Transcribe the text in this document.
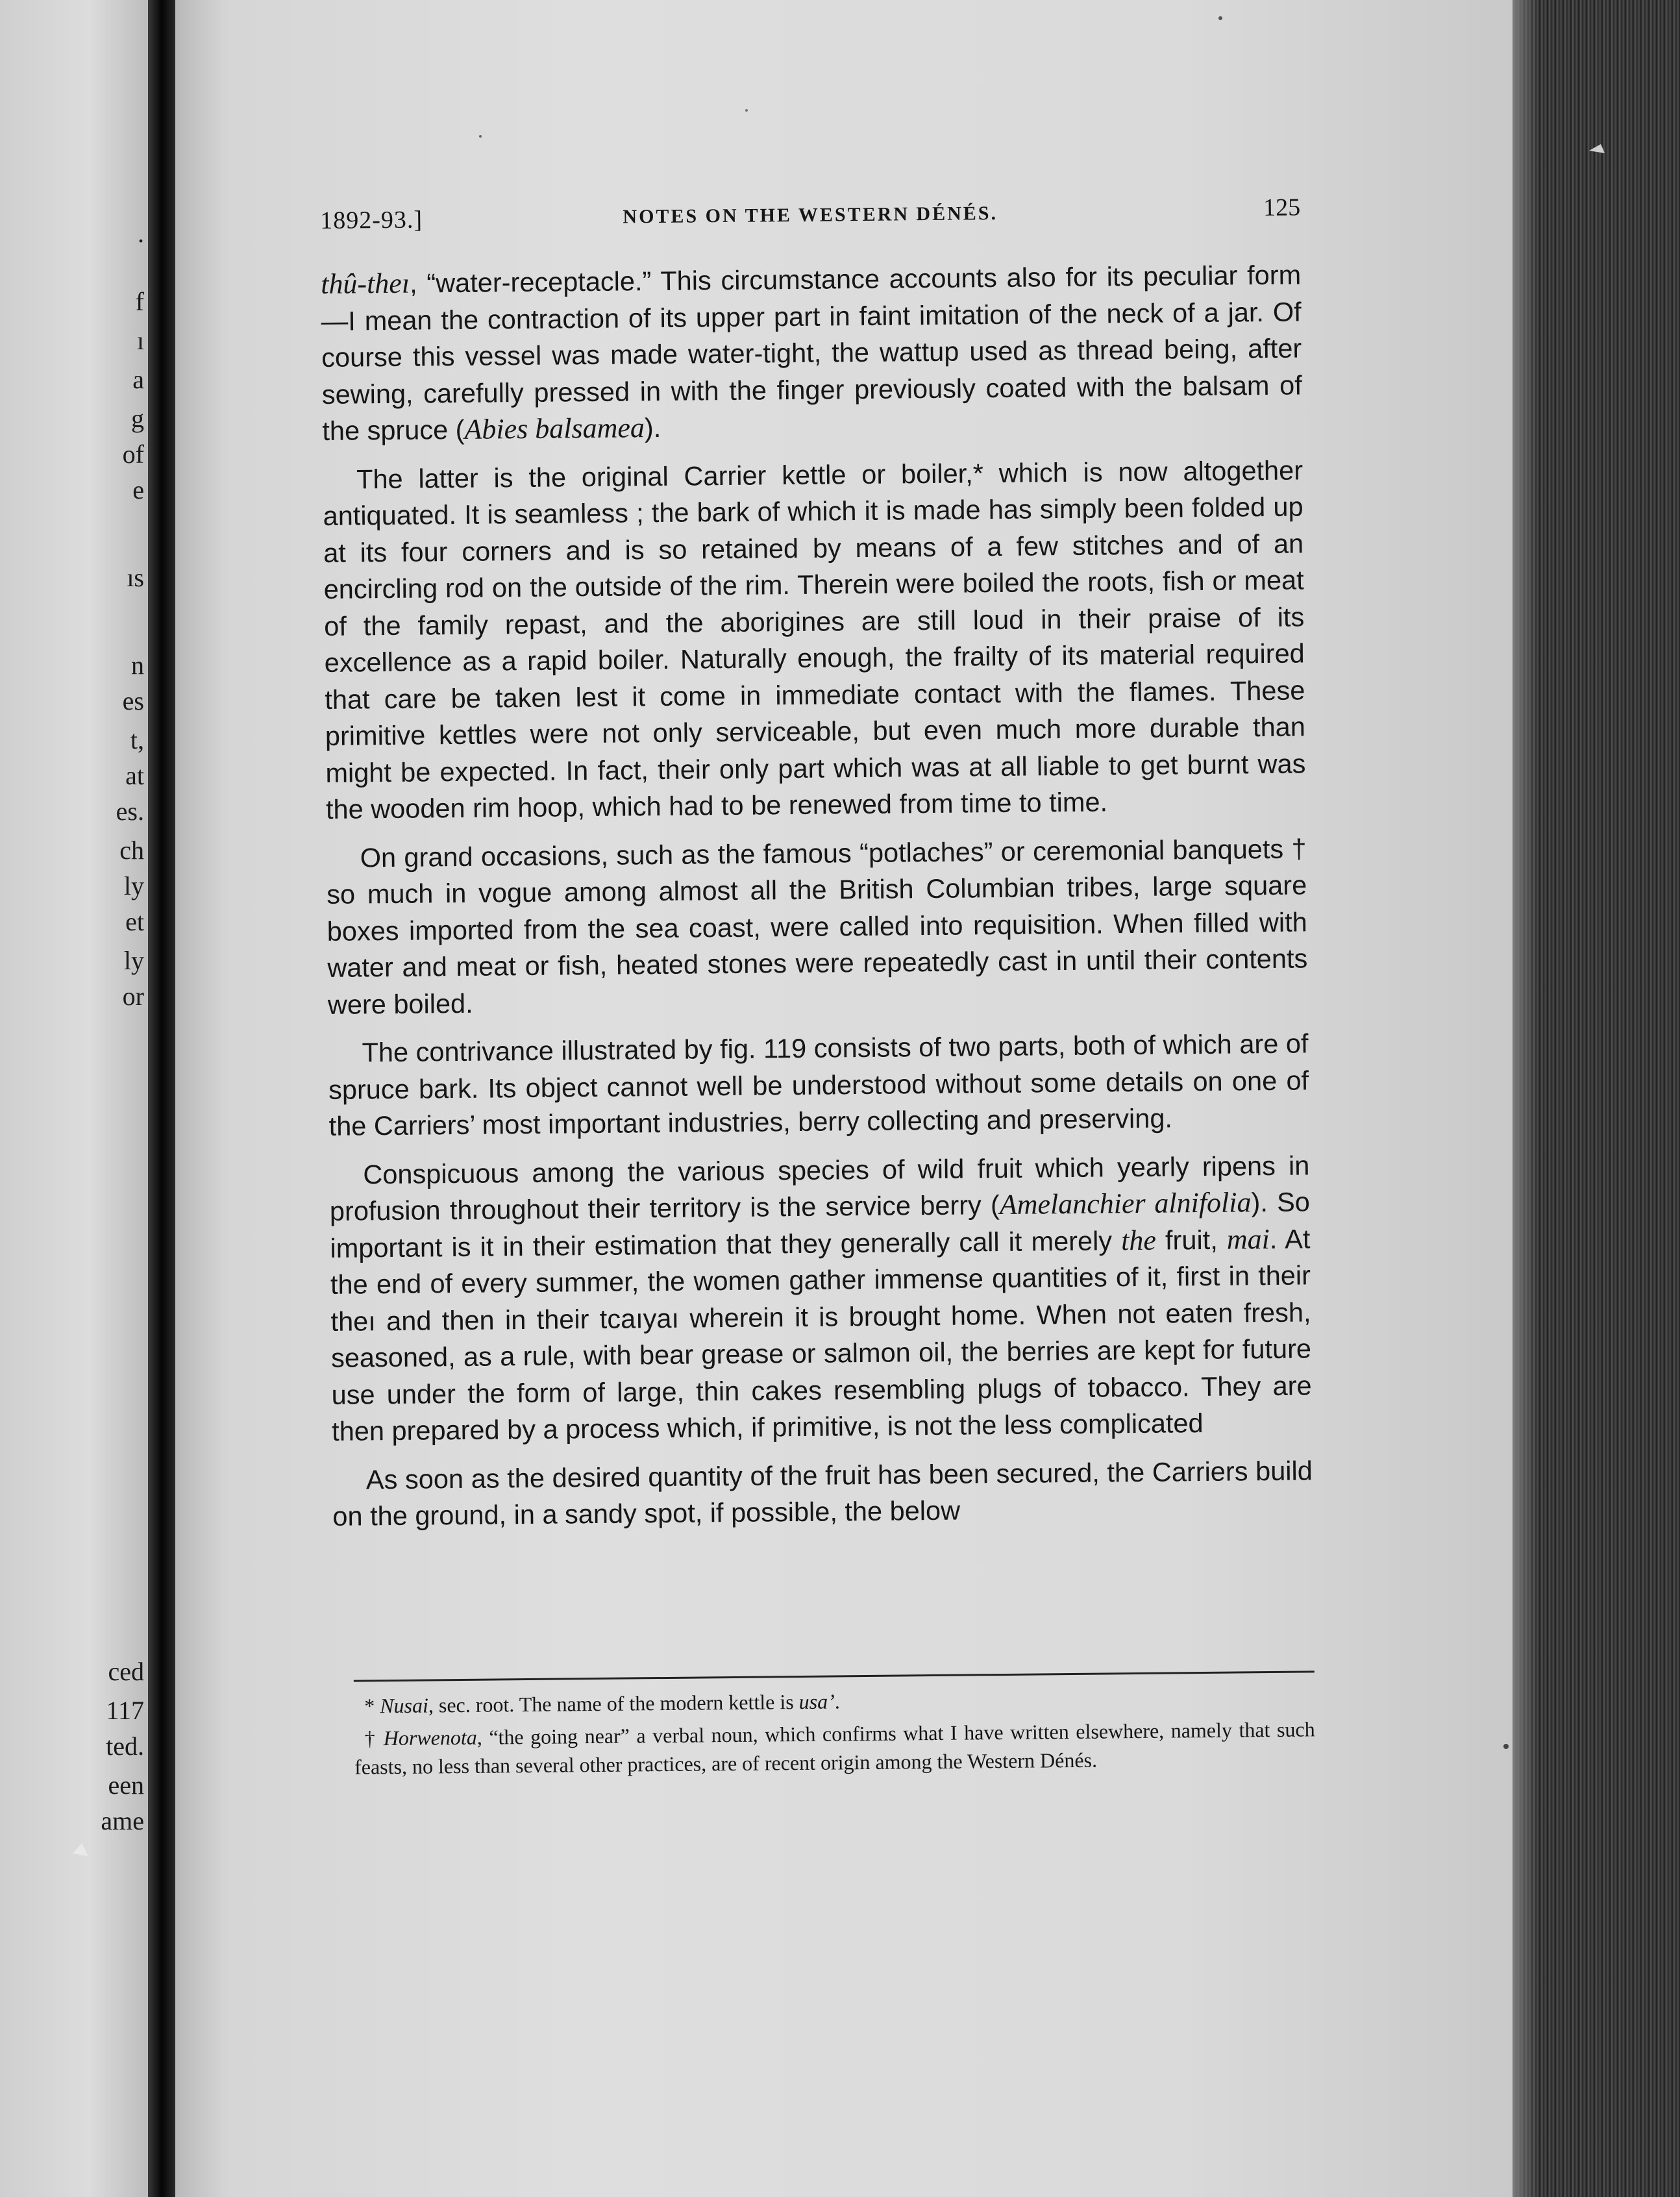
.
f
ı
a
g
of
e
ıs
n
es
t,
at
es.
ch
ly
et
ly
or
ced
117
ted.
een
ame
1892-93.]	NOTES ON THE WESTERN DÉNÉS.	125

thû-theı, “water-receptacle.” This circumstance accounts also for its peculiar form—I mean the contraction of its upper part in faint imitation of the neck of a jar. Of course this vessel was made water-tight, the wattup used as thread being, after sewing, carefully pressed in with the finger previously coated with the balsam of the spruce (Abies balsamea).

The latter is the original Carrier kettle or boiler,* which is now altogether antiquated. It is seamless ; the bark of which it is made has simply been folded up at its four corners and is so retained by means of a few stitches and of an encircling rod on the outside of the rim. Therein were boiled the roots, fish or meat of the family repast, and the aborigines are still loud in their praise of its excellence as a rapid boiler. Naturally enough, the frailty of its material required that care be taken lest it come in immediate contact with the flames. These primitive kettles were not only serviceable, but even much more durable than might be expected. In fact, their only part which was at all liable to get burnt was the wooden rim hoop, which had to be renewed from time to time.

On grand occasions, such as the famous “potlaches” or ceremonial banquets † so much in vogue among almost all the British Columbian tribes, large square boxes imported from the sea coast, were called into requisition. When filled with water and meat or fish, heated stones were repeatedly cast in until their contents were boiled.

The contrivance illustrated by fig. 119 consists of two parts, both of which are of spruce bark. Its object cannot well be understood without some details on one of the Carriers’ most important industries, berry collecting and preserving.

Conspicuous among the various species of wild fruit which yearly ripens in profusion throughout their territory is the service berry (Amelanchier alnifolia). So important is it in their estimation that they generally call it merely the fruit, mai. At the end of every summer, the women gather immense quantities of it, first in their theı and then in their tcaıyaı wherein it is brought home. When not eaten fresh, seasoned, as a rule, with bear grease or salmon oil, the berries are kept for future use under the form of large, thin cakes resembling plugs of tobacco. They are then prepared by a process which, if primitive, is not the less complicated

As soon as the desired quantity of the fruit has been secured, the Carriers build on the ground, in a sandy spot, if possible, the below

* Nusai, sec. root. The name of the modern kettle is usa’.

† Horwenota, “the going near” a verbal noun, which confirms what I have written elsewhere, namely that such feasts, no less than several other practices, are of recent origin among the Western Dénés.
